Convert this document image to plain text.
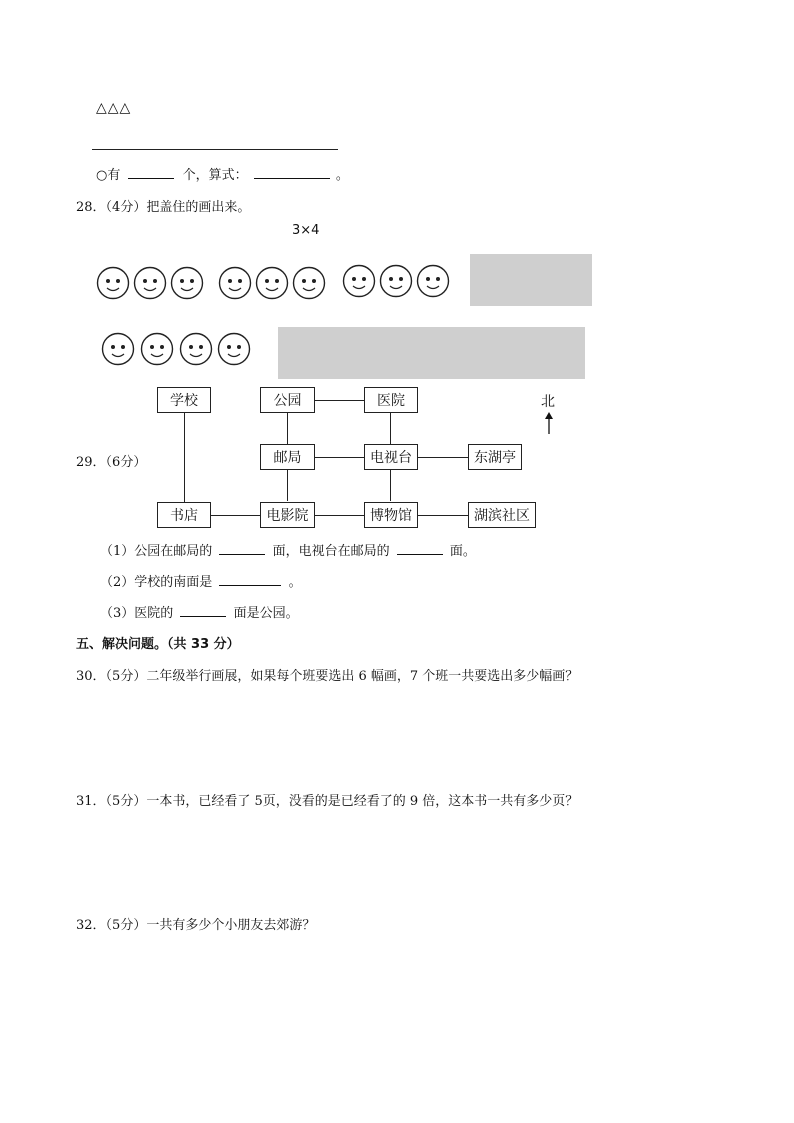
△△△
○有	个，算式：	。
28．（4分）把盖住的画出来。
3×4
29．（6分）
学校	公园	医院
邮局	电视台	东湖亭
书店	电影院	博物馆	湖滨社区
北
（1）公园在邮局的	面，电视台在邮局的	面。
（2）学校的南面是	。
（3）医院的	面是公园。
五、解决问题。（共 33 分）
30．（5分）二年级举行画展，如果每个班要选出 6 幅画，7 个班一共要选出多少幅画？
31．（5分）一本书，已经看了 5页，没看的是已经看了的 9 倍，这本书一共有多少页？
32．（5分）一共有多少个小朋友去郊游？
